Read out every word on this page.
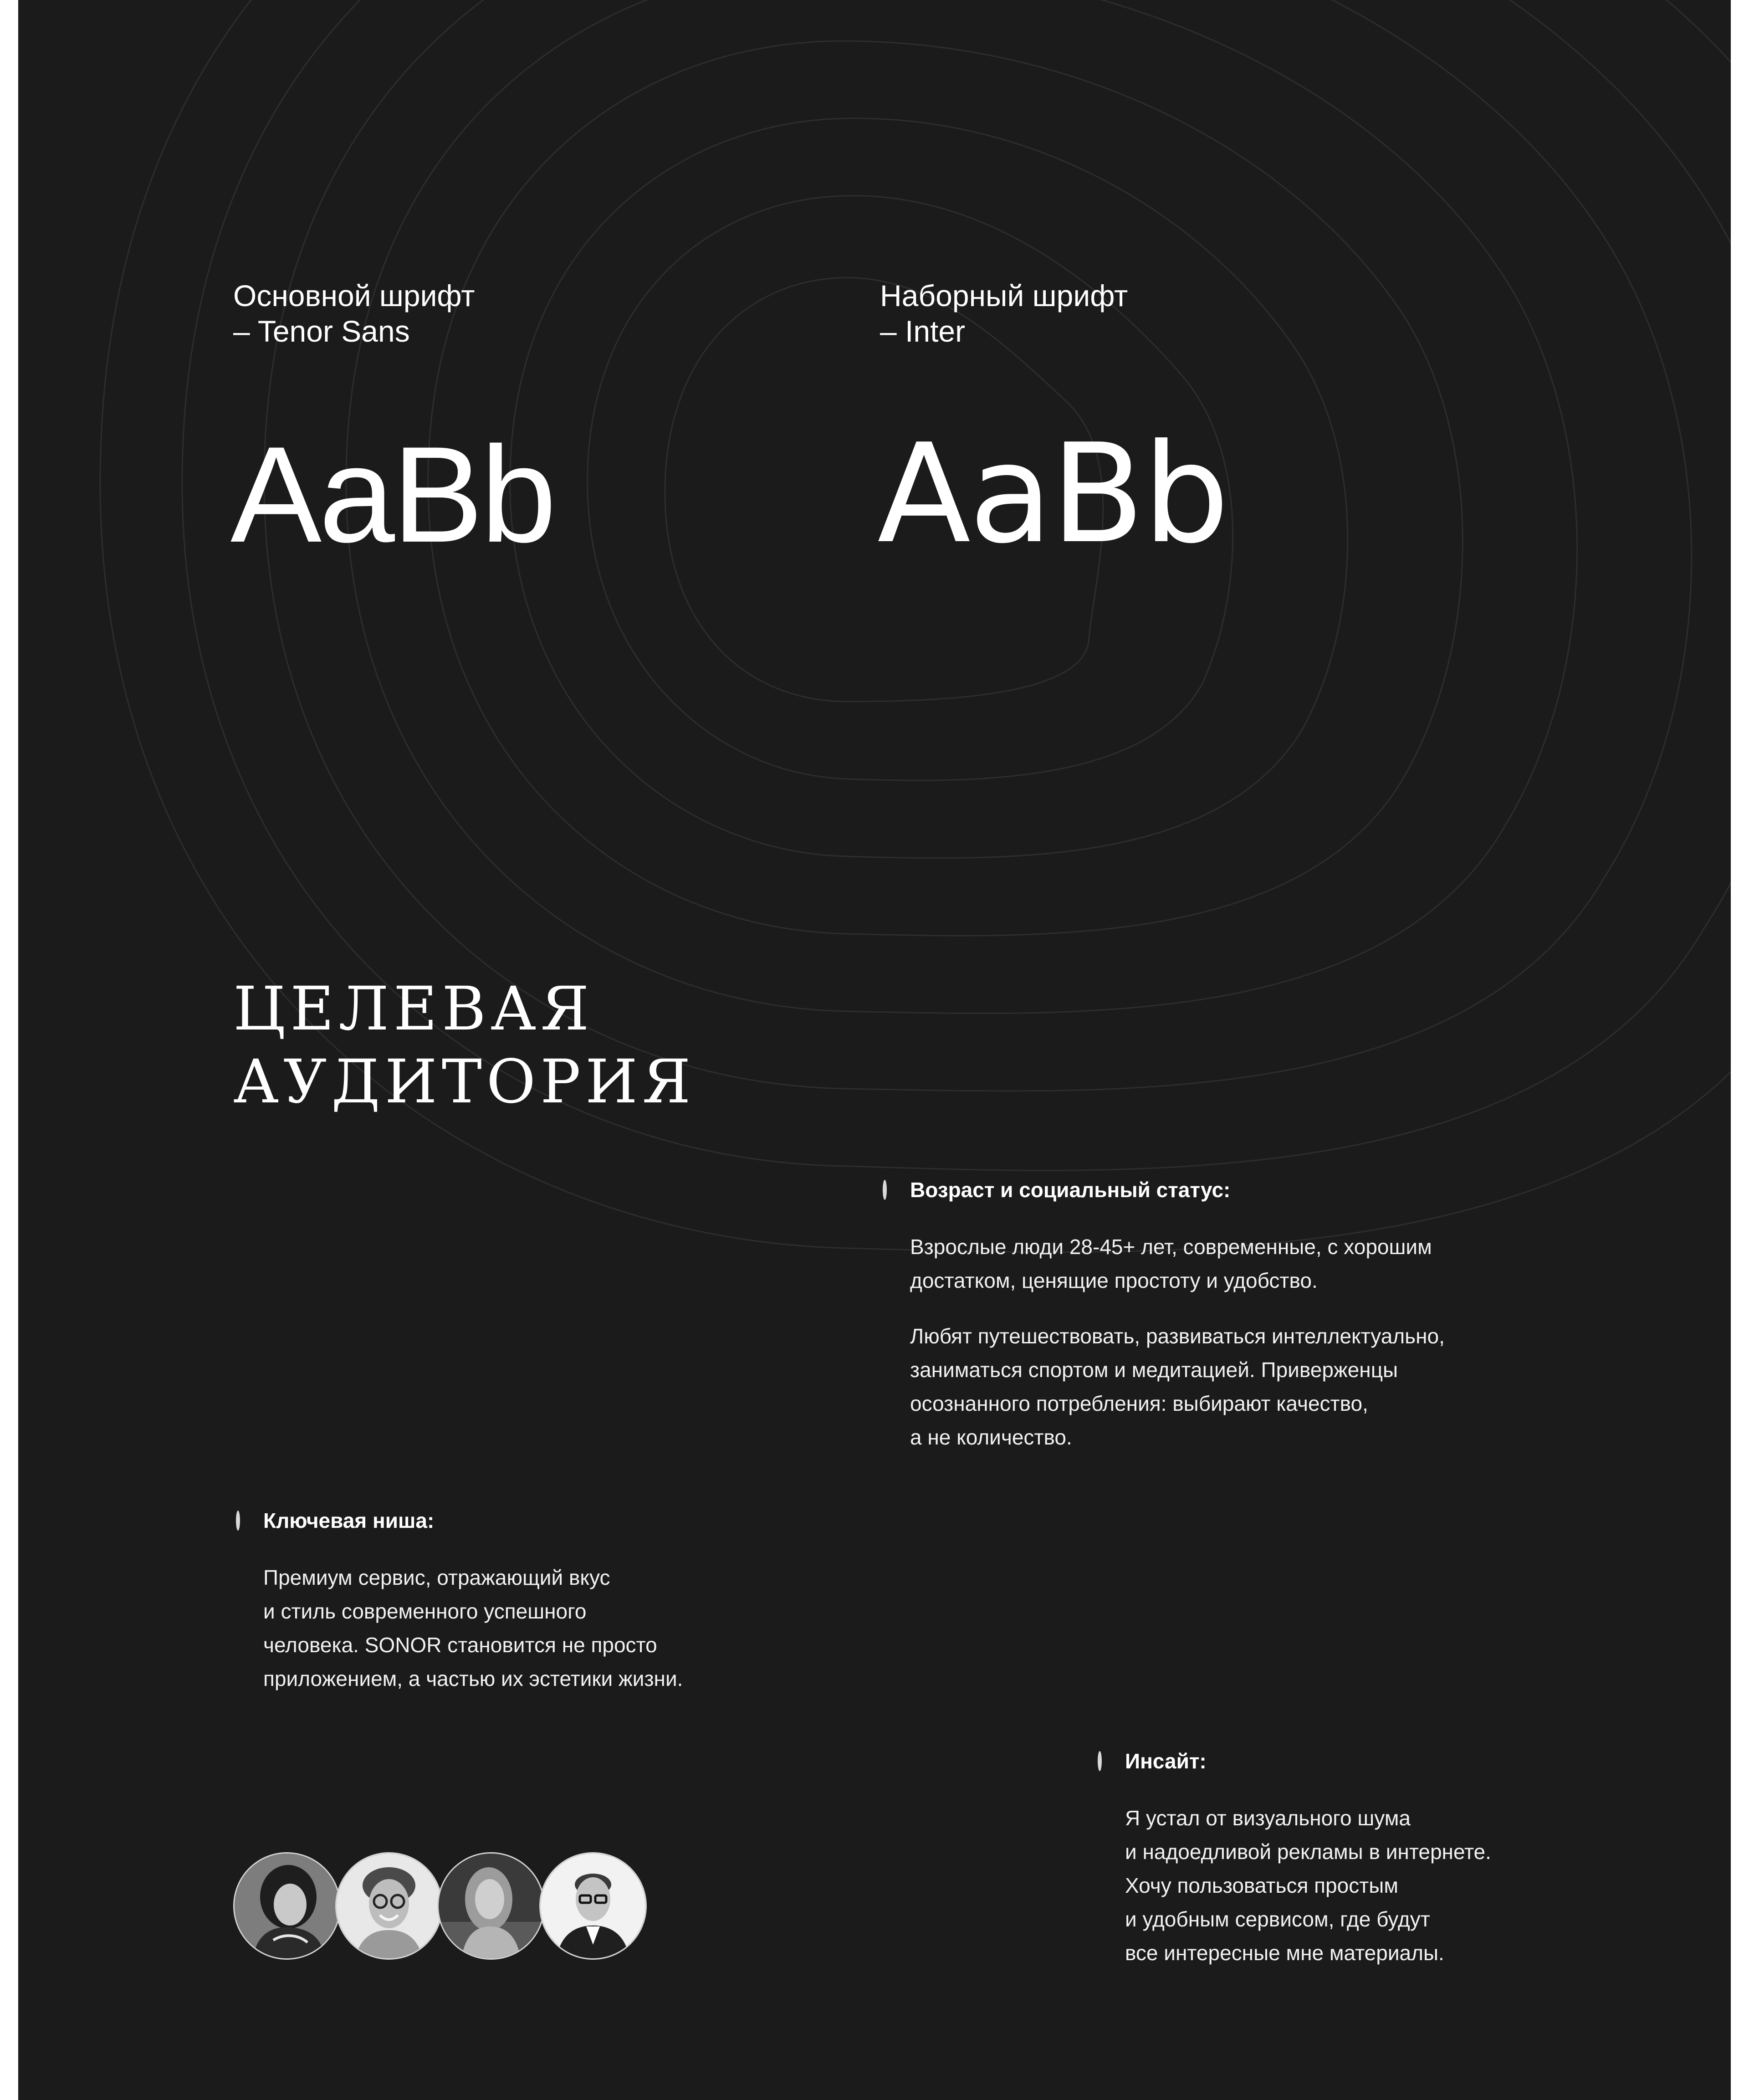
Основной шрифт

– Tenor Sans

AaBb

Наборный шрифт

– Inter

AaBb
ЦЕЛЕВАЯ
АУДИТОРИЯ
Возраст и социальный статус:

Взрослые люди 28-45+ лет, современные, с хорошим

достатком, ценящие простоту и удобство.

Любят путешествовать, развиваться интеллектуально,

заниматься спортом и медитацией. Приверженцы

осознанного потребления: выбирают качество,

а не количество.

Ключевая ниша:

Премиум сервис, отражающий вкус

и стиль современного успешного

человека. SONOR становится не просто

приложением, а частью их эстетики жизни.

Инсайт:

Я устал от визуального шума

и надоедливой рекламы в интернете.

Хочу пользоваться простым

и удобным сервисом, где будут

все интересные мне материалы.
